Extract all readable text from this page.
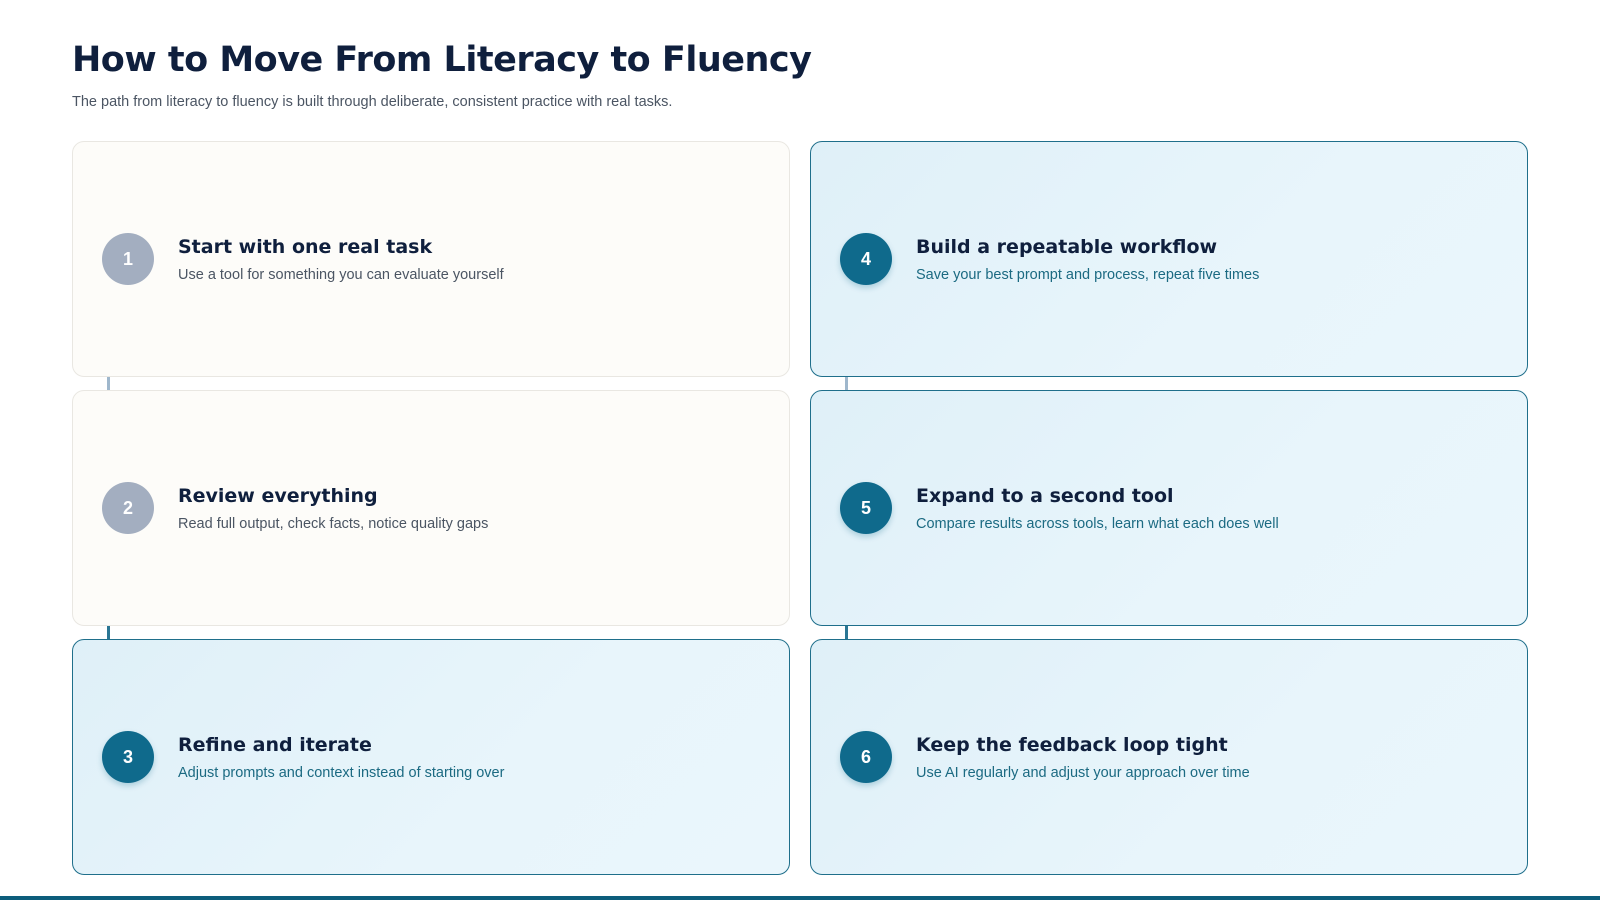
How to Move From Literacy to Fluency

The path from literacy to fluency is built through deliberate, consistent practice with real tasks.

1
Start with one real task
Use a tool for something you can evaluate yourself
2
Review everything
Read full output, check facts, notice quality gaps
3
Refine and iterate
Adjust prompts and context instead of starting over
4
Build a repeatable workflow
Save your best prompt and process, repeat five times
5
Expand to a second tool
Compare results across tools, learn what each does well
6
Keep the feedback loop tight
Use AI regularly and adjust your approach over time
